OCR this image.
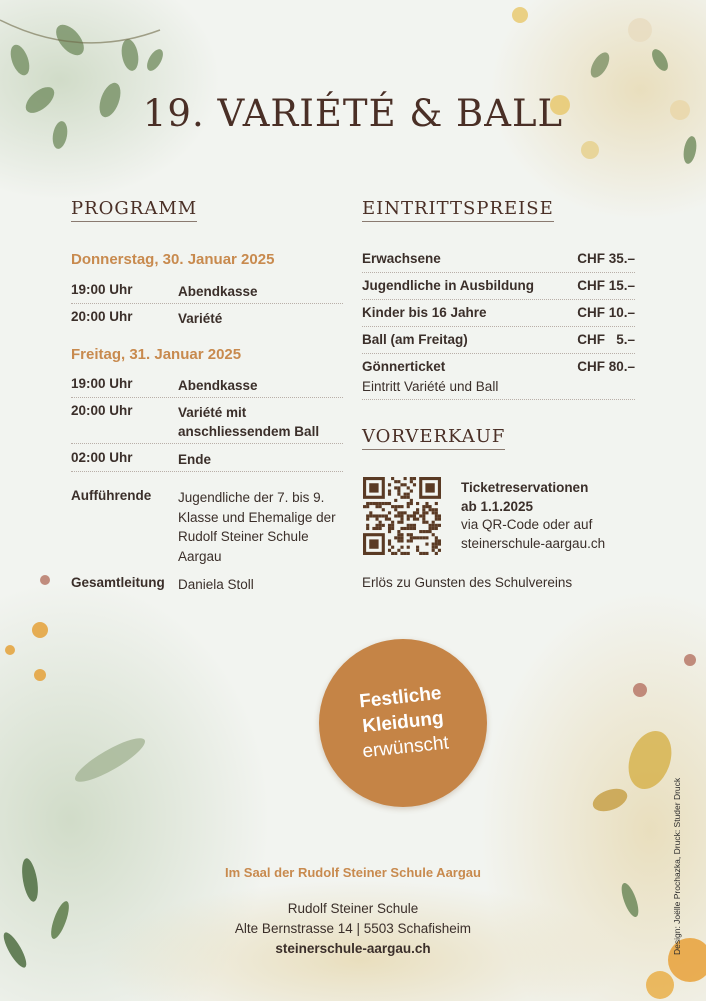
19. VARIÉTÉ & BALL
PROGRAMM
Donnerstag, 30. Januar 2025
19:00 Uhr	Abendkasse
20:00 Uhr	Variété
Freitag, 31. Januar 2025
19:00 Uhr	Abendkasse
20:00 Uhr	Variété mit anschliessendem Ball
02:00 Uhr	Ende
Aufführende Jugendliche der 7. bis 9. Klasse und Ehemalige der Rudolf Steiner Schule Aargau
Gesamtleitung Daniela Stoll
EINTRITTSPREISE
Erwachsene	CHF 35.–
Jugendliche in Ausbildung	CHF 15.–
Kinder bis 16 Jahre	CHF 10.–
Ball (am Freitag)	CHF   5.–
Gönnerticket	CHF 80.–
Eintritt Variété und Ball
VORVERKAUF
Ticketreservationen
ab 1.1.2025
via QR-Code oder auf
steinerschule-aargau.ch
Erlös zu Gunsten des Schulvereins
Festliche
Kleidung
erwünscht
Im Saal der Rudolf Steiner Schule Aargau
Rudolf Steiner Schule
Alte Bernstrasse 14 | 5503 Schafisheim
steinerschule-aargau.ch	Design: Joëlle Prochazka, Druck: Studer Druck
